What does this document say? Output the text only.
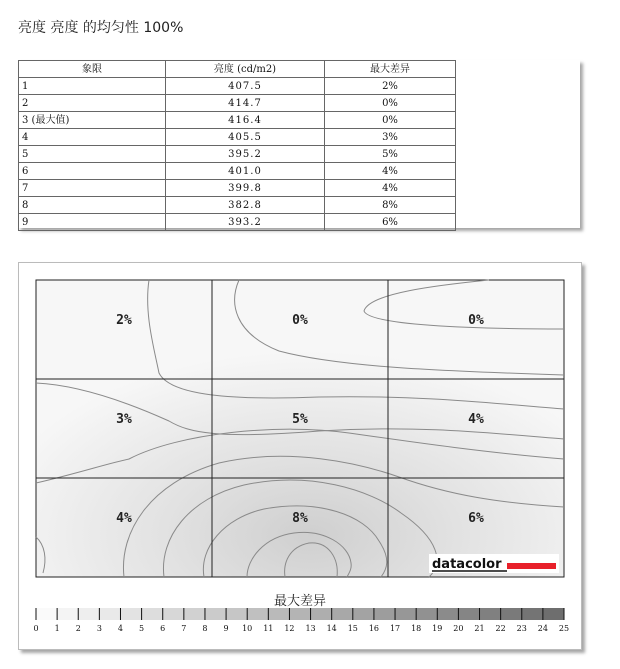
亮度 亮度 的均匀性 100%
象限	亮度 (cd/m2)	最大差异
1	407.5	2%
2	414.7	0%
3 (最大值)	416.4	0%
4	405.5	3%
5	395.2	5%
6	401.0	4%
7	399.8	4%
8	382.8	8%
9	393.2	6%
2%	0%	0%
3%	5%	4%
4%	8%	6%
datacolor
0 1 2 3 4 5 6 7 8 9 10 11 12 13 14 15 16 17 18 19 20 21 22 23 24 25
最大差异
